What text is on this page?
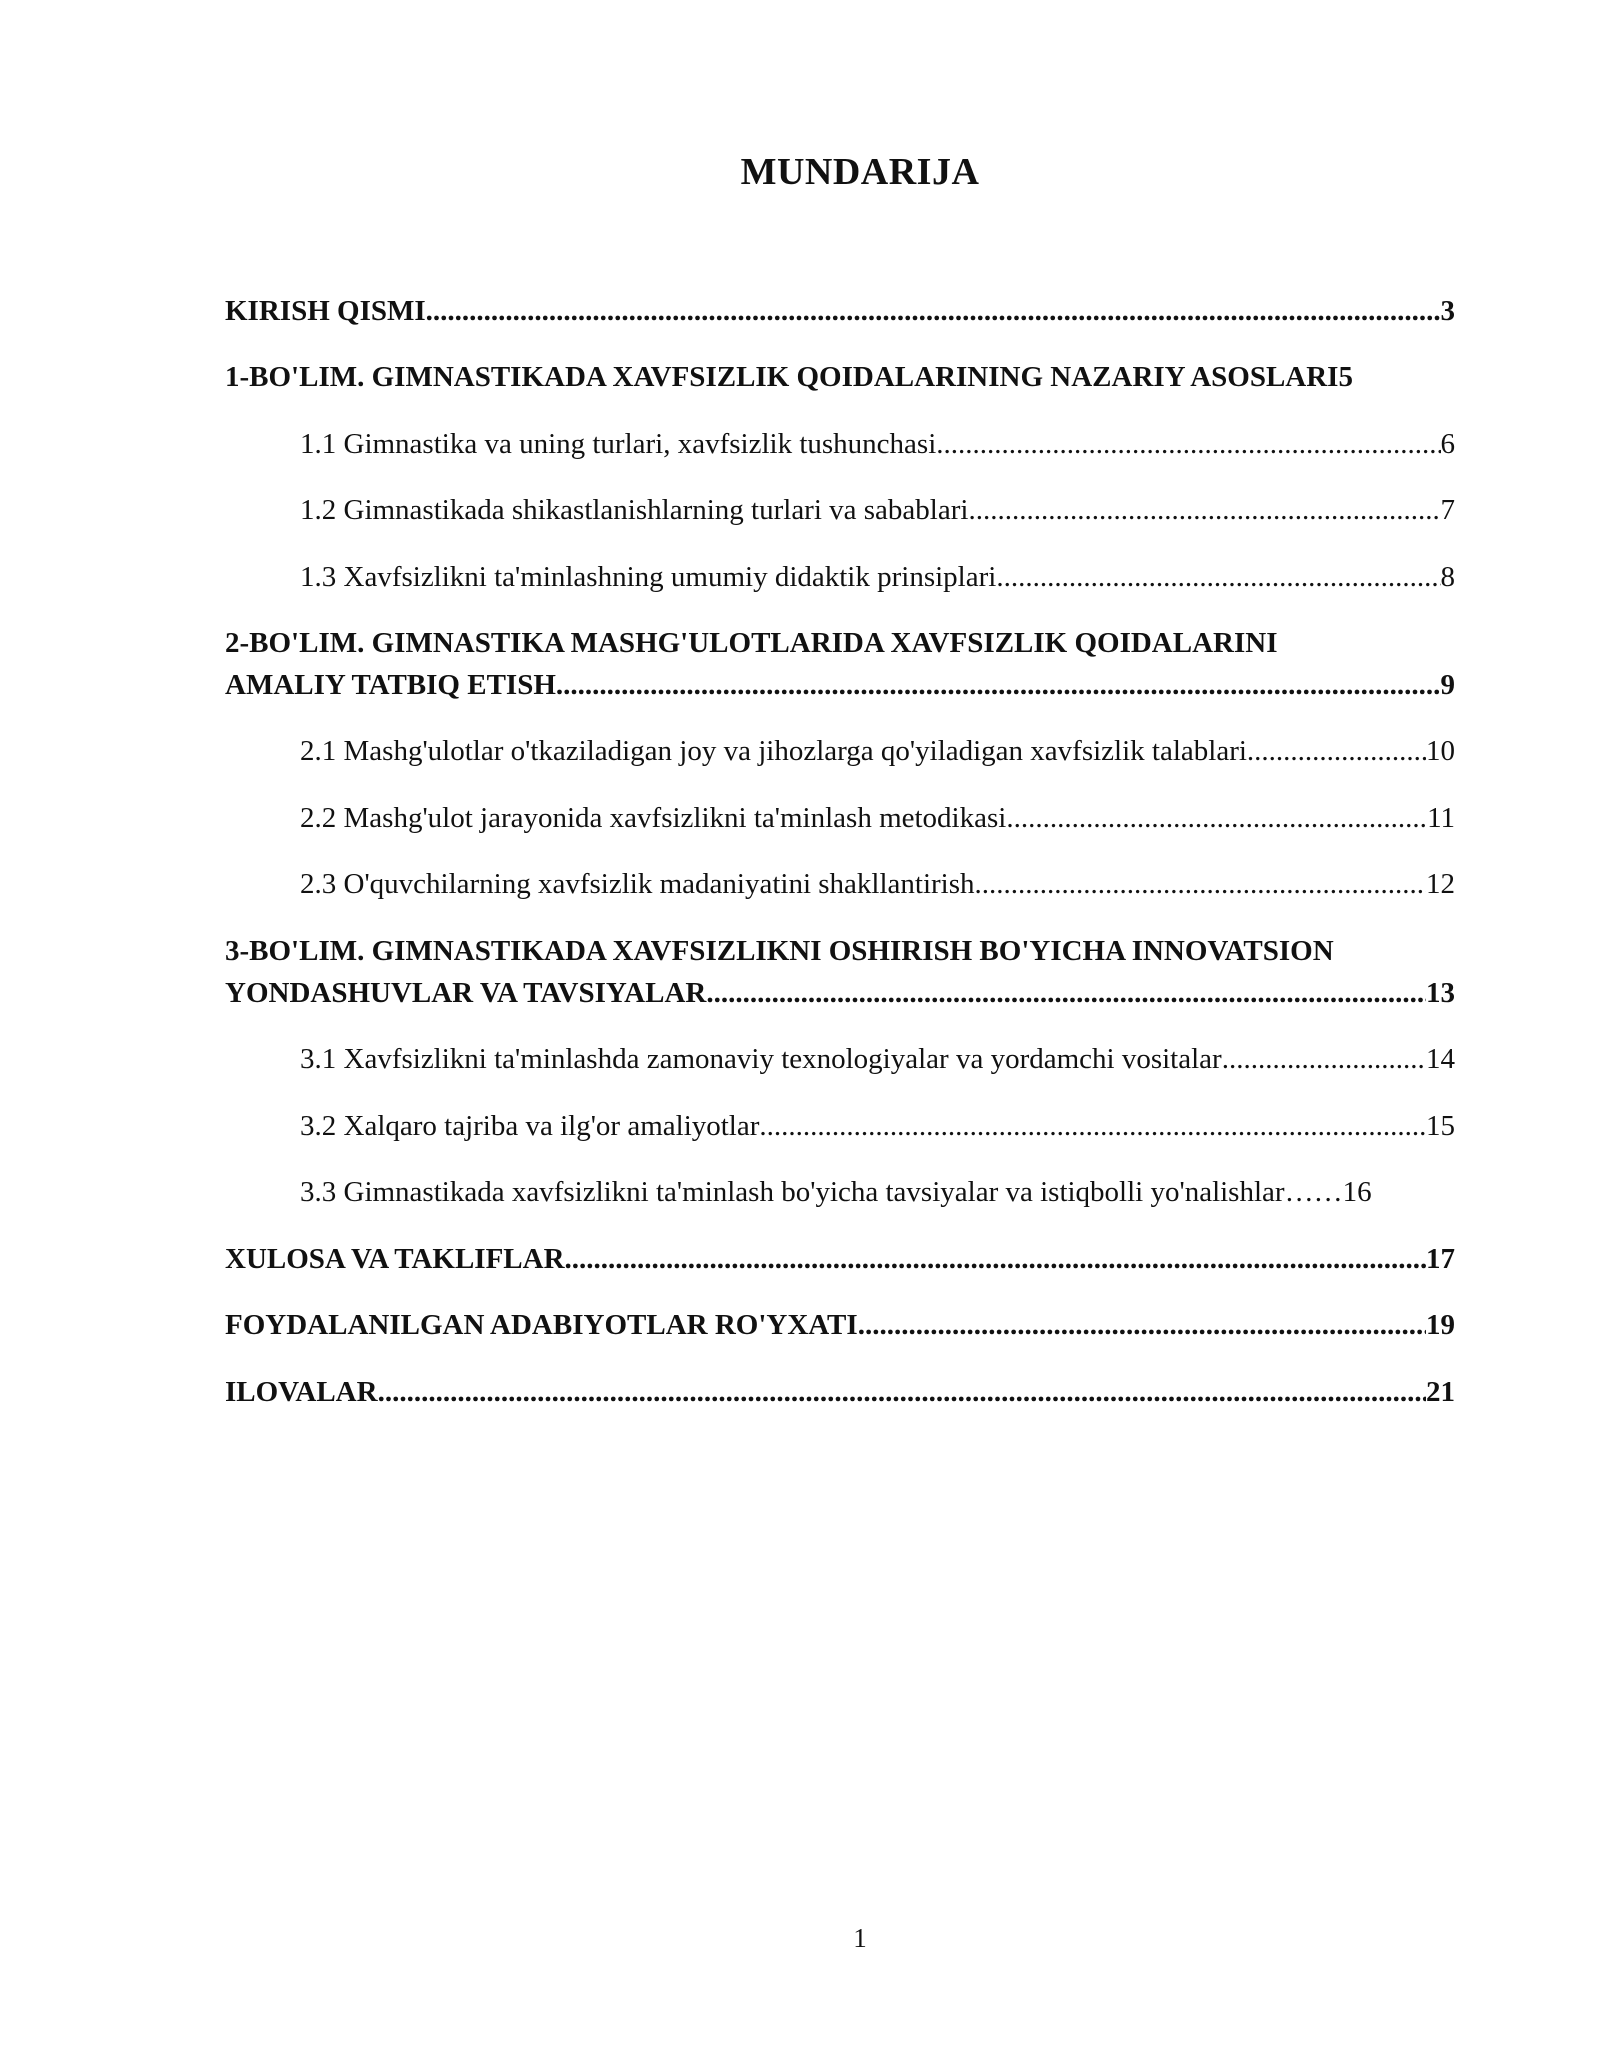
MUNDARIJA
KIRISH QISMI .....	3
1-BO'LIM. GIMNASTIKADA XAVFSIZLIK QOIDALARINING NAZARIY ASOSLARI 5
1.1 Gimnastika va uning turlari, xavfsizlik tushunchasi .....	6
1.2 Gimnastikada shikastlanishlarning turlari va sabablari .....	7
1.3 Xavfsizlikni ta'minlashning umumiy didaktik prinsiplari .....	8
2-BO'LIM. GIMNASTIKA MASHG'ULOTLARIDA XAVFSIZLIK QOIDALARINI
AMALIY TATBIQ ETISH .....	9
2.1 Mashg'ulotlar o'tkaziladigan joy va jihozlarga qo'yiladigan xavfsizlik talablari .....	10
2.2 Mashg'ulot jarayonida xavfsizlikni ta'minlash metodikasi .....	11
2.3 O'quvchilarning xavfsizlik madaniyatini shakllantirish .....	12
3-BO'LIM. GIMNASTIKADA XAVFSIZLIKNI OSHIRISH BO'YICHA INNOVATSION
YONDASHUVLAR VA TAVSIYALAR .....	13
3.1 Xavfsizlikni ta'minlashda zamonaviy texnologiyalar va yordamchi vositalar .....	14
3.2 Xalqaro tajriba va ilg'or amaliyotlar .....	15
3.3 Gimnastikada xavfsizlikni ta'minlash bo'yicha tavsiyalar va istiqbolli yo'nalishlar …… 16
XULOSA VA TAKLIFLAR .....	17
FOYDALANILGAN ADABIYOTLAR RO'YXATI .....	19
ILOVALAR .....	21
1
